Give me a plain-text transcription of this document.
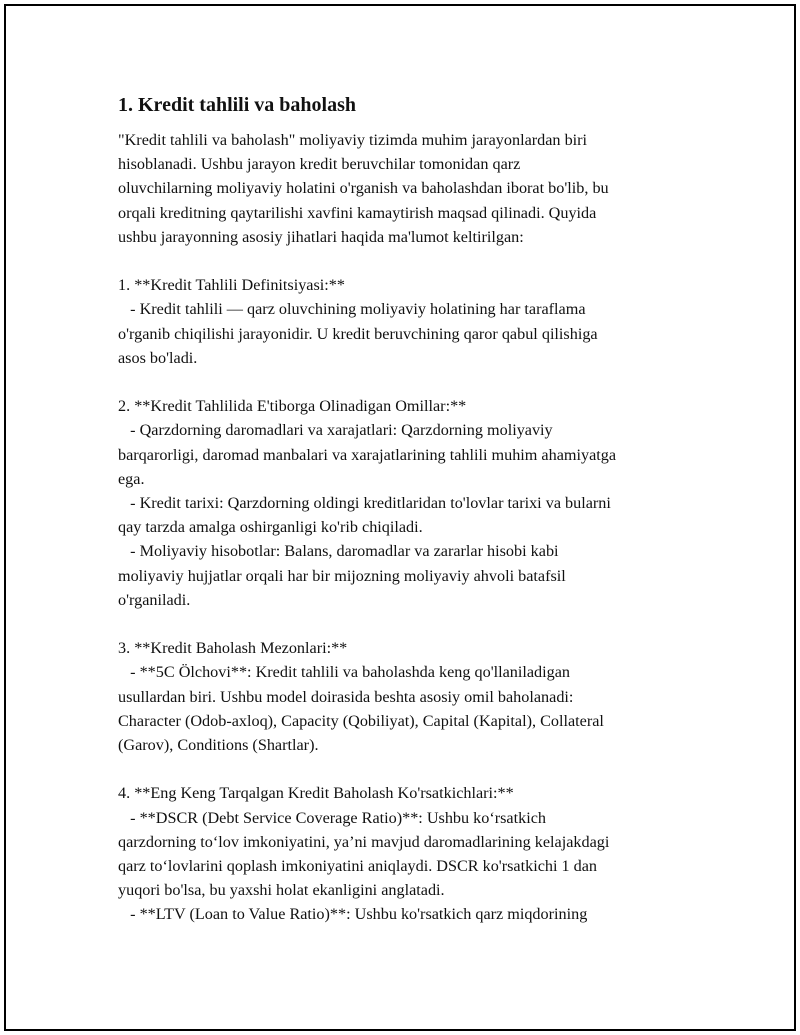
1. Kredit tahlili va baholash

"Kredit tahlili va baholash" moliyaviy tizimda muhim jarayonlardan biri

hisoblanadi. Ushbu jarayon kredit beruvchilar tomonidan qarz

oluvchilarning moliyaviy holatini o'rganish va baholashdan iborat bo'lib, bu

orqali kreditning qaytarilishi xavfini kamaytirish maqsad qilinadi. Quyida

ushbu jarayonning asosiy jihatlari haqida ma'lumot keltirilgan:

1. **Kredit Tahlili Definitsiyasi:**

- Kredit tahlili — qarz oluvchining moliyaviy holatining har taraflama

o'rganib chiqilishi jarayonidir. U kredit beruvchining qaror qabul qilishiga

asos bo'ladi.

2. **Kredit Tahlilida E'tiborga Olinadigan Omillar:**

- Qarzdorning daromadlari va xarajatlari: Qarzdorning moliyaviy

barqarorligi, daromad manbalari va xarajatlarining tahlili muhim ahamiyatga

ega.

- Kredit tarixi: Qarzdorning oldingi kreditlaridan to'lovlar tarixi va bularni

qay tarzda amalga oshirganligi ko'rib chiqiladi.

- Moliyaviy hisobotlar: Balans, daromadlar va zararlar hisobi kabi

moliyaviy hujjatlar orqali har bir mijozning moliyaviy ahvoli batafsil

o'rganiladi.

3. **Kredit Baholash Mezonlari:**

- **5C Ölchovi**: Kredit tahlili va baholashda keng qo'llaniladigan

usullardan biri. Ushbu model doirasida beshta asosiy omil baholanadi:

Character (Odob-axloq), Capacity (Qobiliyat), Capital (Kapital), Collateral

(Garov), Conditions (Shartlar).

4. **Eng Keng Tarqalgan Kredit Baholash Ko'rsatkichlari:**

- **DSCR (Debt Service Coverage Ratio)**: Ushbu ko‘rsatkich

qarzdorning to‘lov imkoniyatini, ya’ni mavjud daromadlarining kelajakdagi

qarz to‘lovlarini qoplash imkoniyatini aniqlaydi. DSCR ko'rsatkichi 1 dan

yuqori bo'lsa, bu yaxshi holat ekanligini anglatadi.

- **LTV (Loan to Value Ratio)**: Ushbu ko'rsatkich qarz miqdorining
